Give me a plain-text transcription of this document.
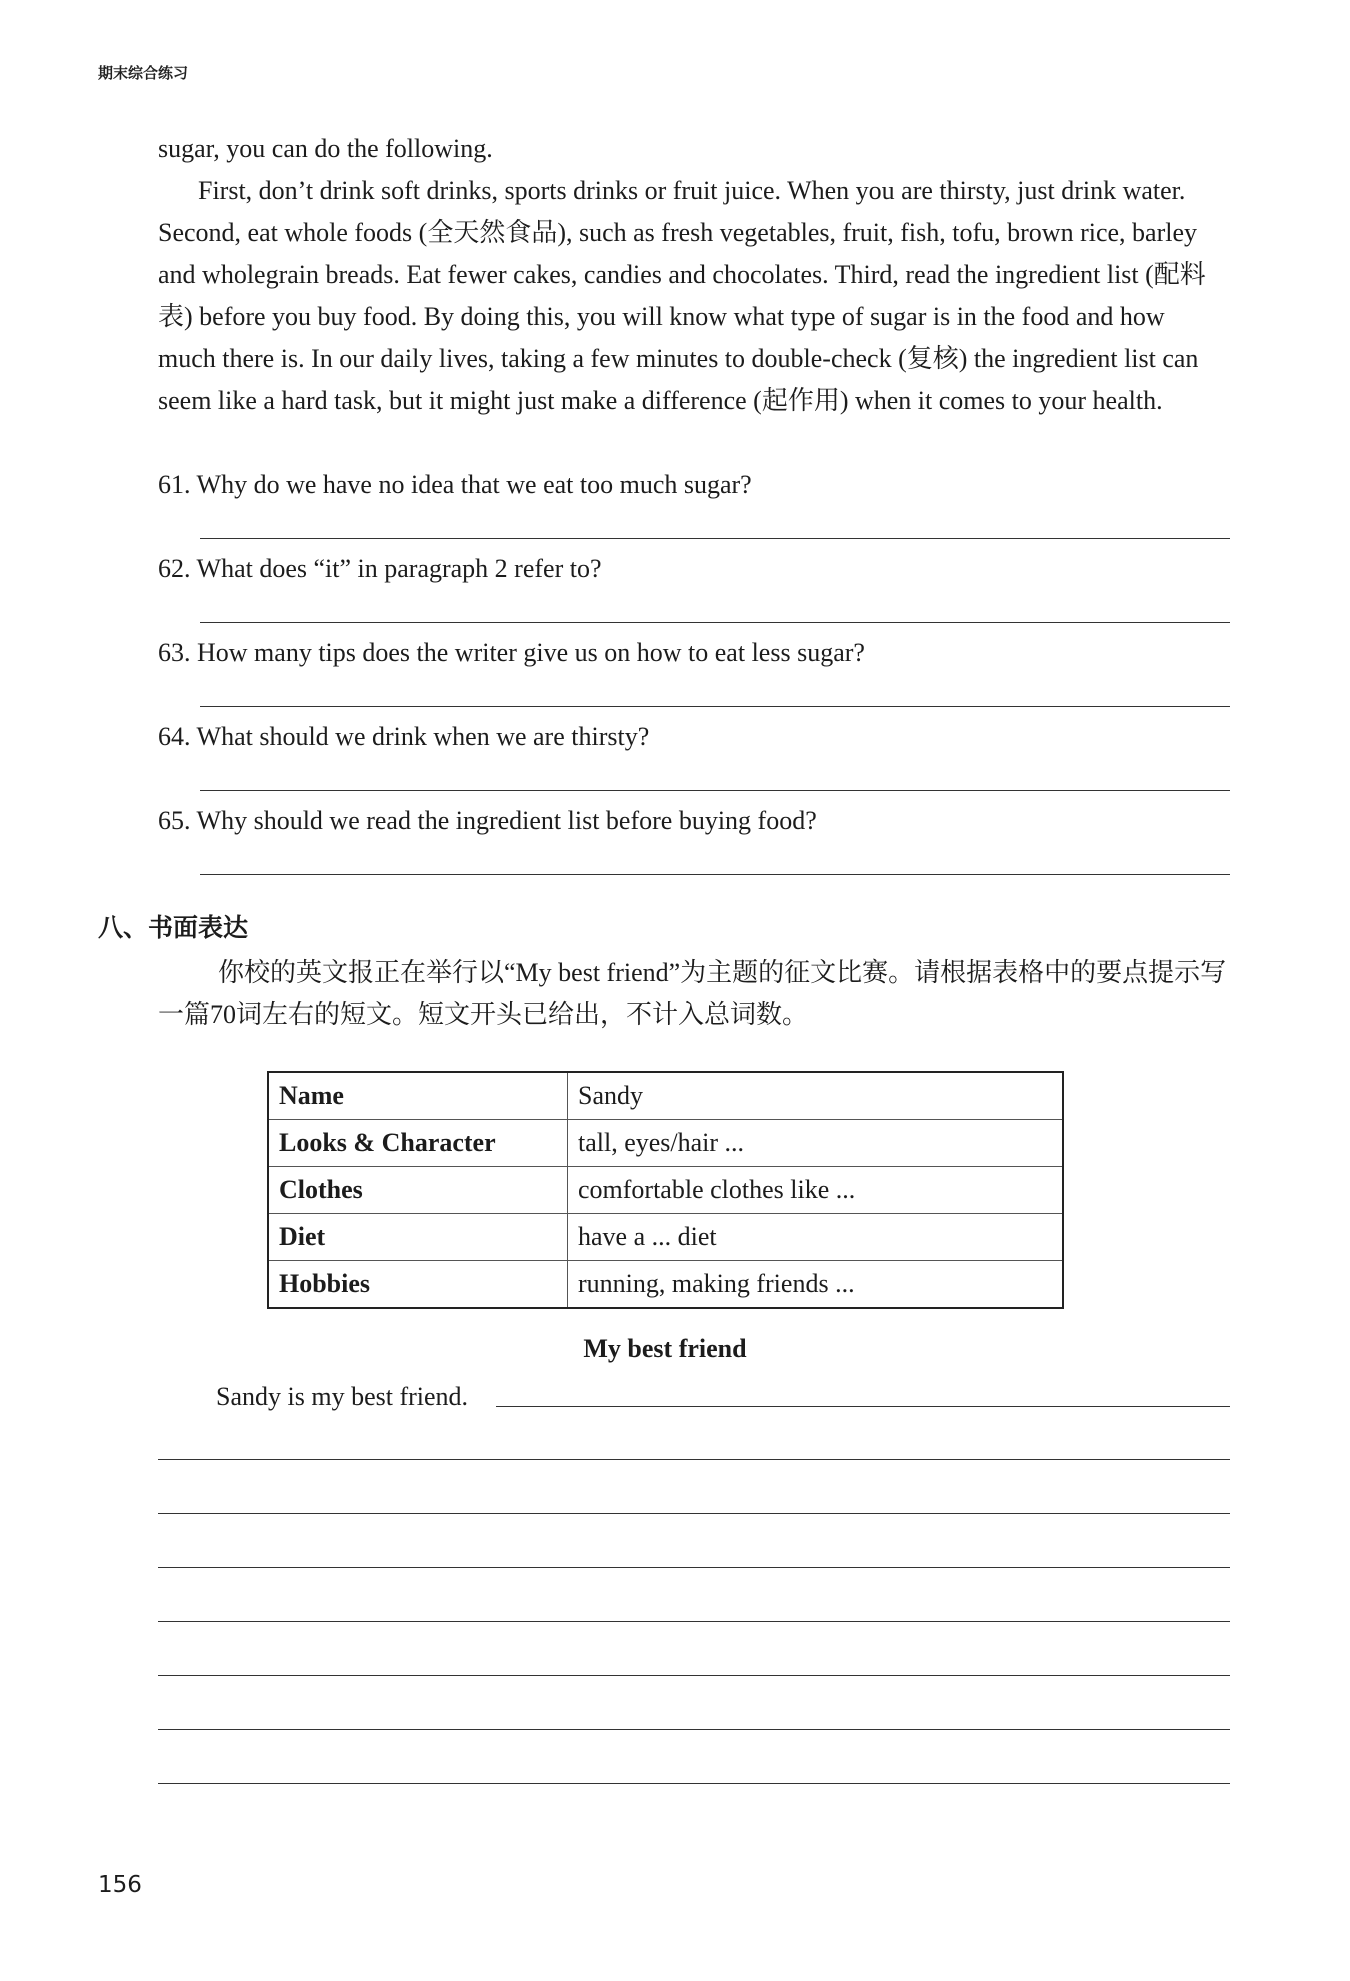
期末综合练习

sugar, you can do the following.

First, don’t drink soft drinks, sports drinks or fruit juice. When you are thirsty, just drink water. Second, eat whole foods (全天然食品), such as fresh vegetables, fruit, fish, tofu, brown rice, barley and wholegrain breads. Eat fewer cakes, candies and chocolates. Third, read the ingredient list (配料表) before you buy food. By doing this, you will know what type of sugar is in the food and how much there is. In our daily lives, taking a few minutes to double-check (复核) the ingredient list can seem like a hard task, but it might just make a difference (起作用) when it comes to your health.

61. Why do we have no idea that we eat too much sugar?
62. What does “it” in paragraph 2 refer to?
63. How many tips does the writer give us on how to eat less sugar?
64. What should we drink when we are thirsty?
65. Why should we read the ingredient list before buying food?
八、书面表达

你校的英文报正在举行以“My best friend”为主题的征文比赛。请根据表格中的要点提示写一篇70词左右的短文。短文开头已给出，不计入总词数。

Name	Sandy
Looks & Character	tall, eyes/hair ...
Clothes	comfortable clothes like ...
Diet	have a ... diet
Hobbies	running, making friends ...
My best friend
Sandy is my best friend.
156
